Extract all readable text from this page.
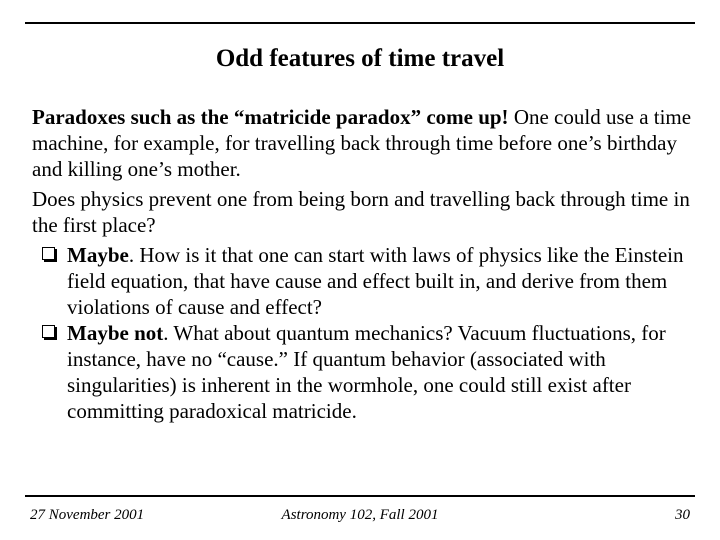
Odd features of time travel

Paradoxes such as the “matricide paradox” come up! One could use a time machine, for example, for travelling back through time before one’s birthday and killing one’s mother.

Does physics prevent one from being born and travelling back through time in the first place?

Maybe. How is it that one can start with laws of physics like the Einstein field equation, that have cause and effect built in, and derive from them violations of cause and effect?

Maybe not. What about quantum mechanics? Vacuum fluctuations, for instance, have no “cause.” If quantum behavior (associated with singularities) is inherent in the wormhole, one could still exist after committing paradoxical matricide.

27 November 2001	Astronomy 102, Fall 2001	30
